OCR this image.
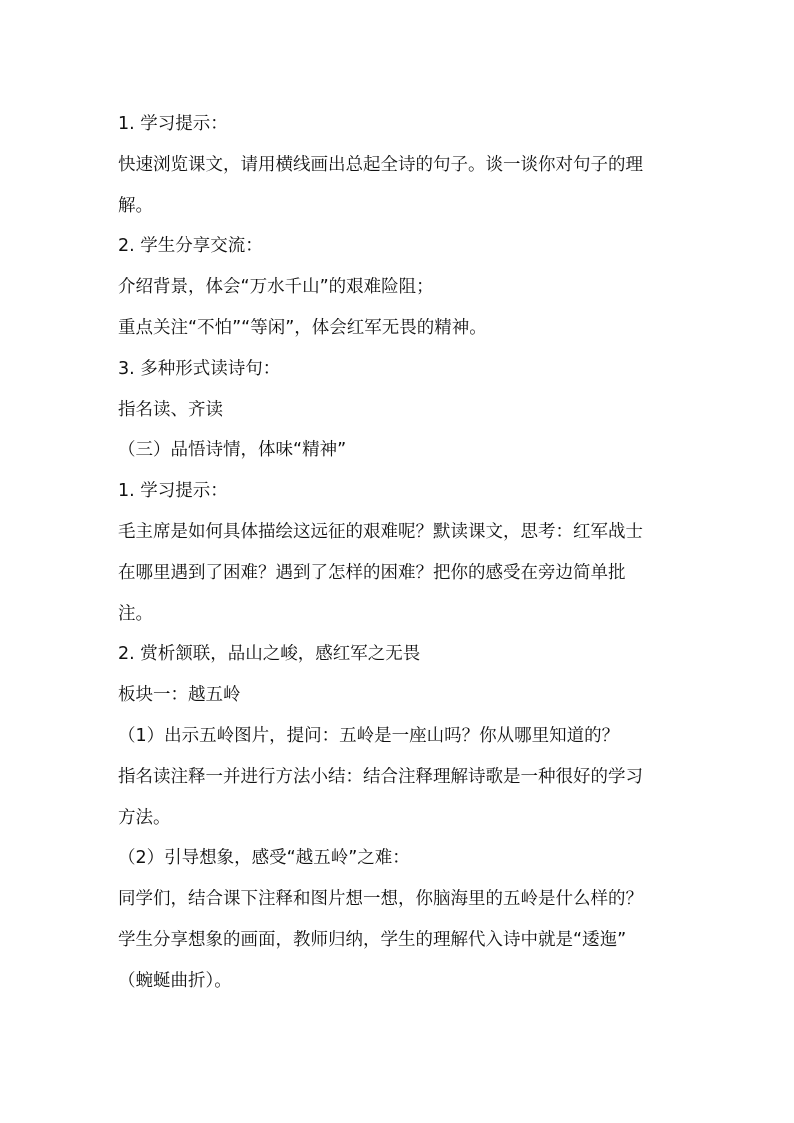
1. 学习提示：
快速浏览课文，请用横线画出总起全诗的句子。谈一谈你对句子的理
解。
2. 学生分享交流：
介绍背景，体会“万水千山”的艰难险阻；
重点关注“不怕”“等闲”，体会红军无畏的精神。
3. 多种形式读诗句：
指名读、齐读
（三）品悟诗情，体味“精神”
1. 学习提示：
毛主席是如何具体描绘这远征的艰难呢？默读课文，思考：红军战士
在哪里遇到了困难？遇到了怎样的困难？把你的感受在旁边简单批
注。
2. 赏析颔联，品山之峻，感红军之无畏
板块一：越五岭
（1）出示五岭图片，提问：五岭是一座山吗？你从哪里知道的？
指名读注释一并进行方法小结：结合注释理解诗歌是一种很好的学习
方法。
（2）引导想象，感受“越五岭”之难：
同学们，结合课下注释和图片想一想，你脑海里的五岭是什么样的？
学生分享想象的画面，教师归纳，学生的理解代入诗中就是“逶迤”
（蜿蜒曲折）。
